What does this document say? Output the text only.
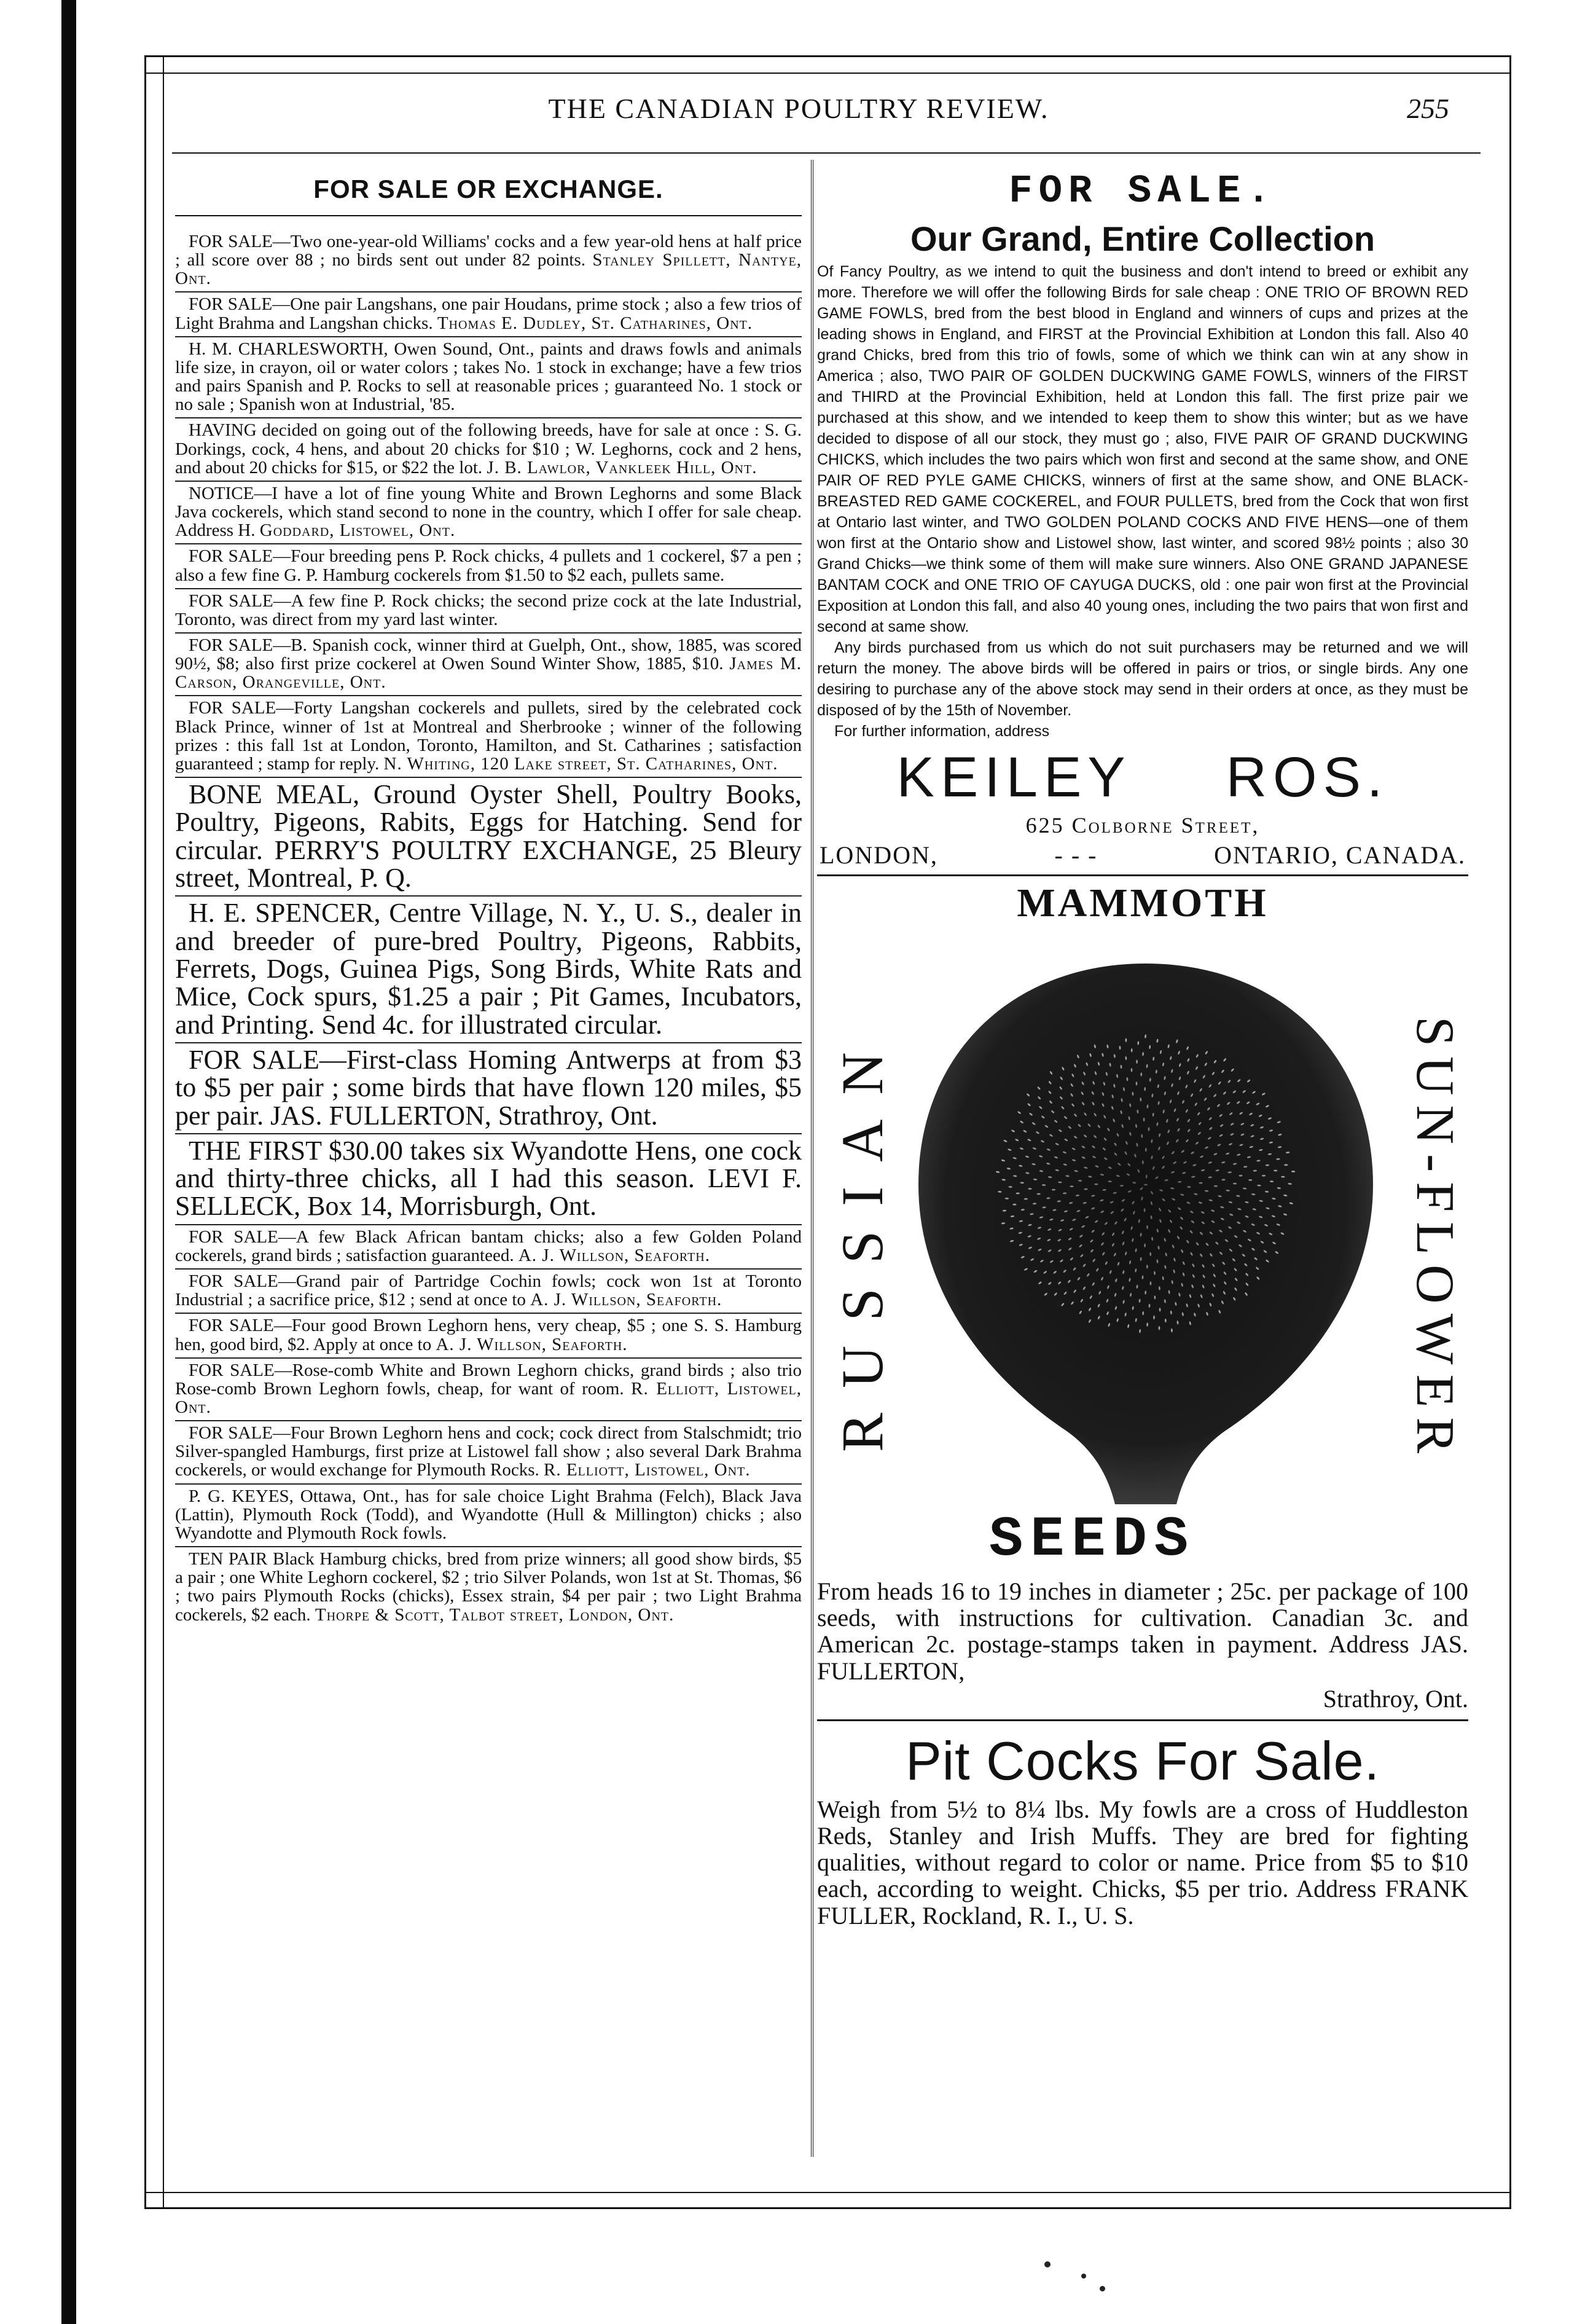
THE CANADIAN POULTRY REVIEW.	255
FOR SALE OR EXCHANGE.

FOR SALE—Two one-year-old Williams' cocks and a few year-old hens at half price ; all score over 88 ; no birds sent out under 82 points. Stanley Spillett, Nantye, Ont.

FOR SALE—One pair Langshans, one pair Houdans, prime stock ; also a few trios of Light Brahma and Langshan chicks. Thomas E. Dudley, St. Catharines, Ont.

H. M. CHARLESWORTH, Owen Sound, Ont., paints and draws fowls and animals life size, in crayon, oil or water colors ; takes No. 1 stock in exchange; have a few trios and pairs Spanish and P. Rocks to sell at reasonable prices ; guaranteed No. 1 stock or no sale ; Spanish won at Industrial, '85.

HAVING decided on going out of the following breeds, have for sale at once : S. G. Dorkings, cock, 4 hens, and about 20 chicks for $10 ; W. Leghorns, cock and 2 hens, and about 20 chicks for $15, or $22 the lot. J. B. Lawlor, Vankleek Hill, Ont.

NOTICE—I have a lot of fine young White and Brown Leghorns and some Black Java cockerels, which stand second to none in the country, which I offer for sale cheap. Address H. Goddard, Listowel, Ont.

FOR SALE—Four breeding pens P. Rock chicks, 4 pullets and 1 cockerel, $7 a pen ; also a few fine G. P. Hamburg cockerels from $1.50 to $2 each, pullets same.

FOR SALE—A few fine P. Rock chicks; the second prize cock at the late Industrial, Toronto, was direct from my yard last winter.

FOR SALE—B. Spanish cock, winner third at Guelph, Ont., show, 1885, was scored 90½, $8; also first prize cockerel at Owen Sound Winter Show, 1885, $10. James M. Carson, Orangeville, Ont.

FOR SALE—Forty Langshan cockerels and pullets, sired by the celebrated cock Black Prince, winner of 1st at Montreal and Sherbrooke ; winner of the following prizes : this fall 1st at London, Toronto, Hamilton, and St. Catharines ; satisfaction guaranteed ; stamp for reply. N. Whiting, 120 Lake street, St. Catharines, Ont.

BONE MEAL, Ground Oyster Shell, Poultry Books, Poultry, Pigeons, Rabits, Eggs for Hatching. Send for circular. PERRY'S POULTRY EXCHANGE, 25 Bleury street, Montreal, P. Q.

H. E. SPENCER, Centre Village, N. Y., U. S., dealer in and breeder of pure-bred Poultry, Pigeons, Rabbits, Ferrets, Dogs, Guinea Pigs, Song Birds, White Rats and Mice, Cock spurs, $1.25 a pair ; Pit Games, Incubators, and Printing. Send 4c. for illustrated circular.

FOR SALE—First-class Homing Antwerps at from $3 to $5 per pair ; some birds that have flown 120 miles, $5 per pair. JAS. FULLERTON, Strathroy, Ont.

THE FIRST $30.00 takes six Wyandotte Hens, one cock and thirty-three chicks, all I had this season. LEVI F. SELLECK, Box 14, Morrisburgh, Ont.

FOR SALE—A few Black African bantam chicks; also a few Golden Poland cockerels, grand birds ; satisfaction guaranteed. A. J. Willson, Seaforth.

FOR SALE—Grand pair of Partridge Cochin fowls; cock won 1st at Toronto Industrial ; a sacrifice price, $12 ; send at once to A. J. Willson, Seaforth.

FOR SALE—Four good Brown Leghorn hens, very cheap, $5 ; one S. S. Hamburg hen, good bird, $2. Apply at once to A. J. Willson, Seaforth.

FOR SALE—Rose-comb White and Brown Leghorn chicks, grand birds ; also trio Rose-comb Brown Leghorn fowls, cheap, for want of room. R. Elliott, Listowel, Ont.

FOR SALE—Four Brown Leghorn hens and cock; cock direct from Stalschmidt; trio Silver-spangled Hamburgs, first prize at Listowel fall show ; also several Dark Brahma cockerels, or would exchange for Plymouth Rocks. R. Elliott, Listowel, Ont.

P. G. KEYES, Ottawa, Ont., has for sale choice Light Brahma (Felch), Black Java (Lattin), Plymouth Rock (Todd), and Wyandotte (Hull & Millington) chicks ; also Wyandotte and Plymouth Rock fowls.

TEN PAIR Black Hamburg chicks, bred from prize winners; all good show birds, $5 a pair ; one White Leghorn cockerel, $2 ; trio Silver Polands, won 1st at St. Thomas, $6 ; two pairs Plymouth Rocks (chicks), Essex strain, $4 per pair ; two Light Brahma cockerels, $2 each. Thorpe & Scott, Talbot street, London, Ont.

FOR SALE.
Our Grand, Entire Collection

Of Fancy Poultry, as we intend to quit the business and don't intend to breed or exhibit any more. Therefore we will offer the following Birds for sale cheap : ONE TRIO OF BROWN RED GAME FOWLS, bred from the best blood in England and winners of cups and prizes at the leading shows in England, and FIRST at the Provincial Exhibition at London this fall. Also 40 grand Chicks, bred from this trio of fowls, some of which we think can win at any show in America ; also, TWO PAIR OF GOLDEN DUCKWING GAME FOWLS, winners of the FIRST and THIRD at the Provincial Exhibition, held at London this fall. The first prize pair we purchased at this show, and we intended to keep them to show this winter; but as we have decided to dispose of all our stock, they must go ; also, FIVE PAIR OF GRAND DUCKWING CHICKS, which includes the two pairs which won first and second at the same show, and ONE PAIR OF RED PYLE GAME CHICKS, winners of first at the same show, and ONE BLACK-BREASTED RED GAME COCKEREL, and FOUR PULLETS, bred from the Cock that won first at Ontario last winter, and TWO GOLDEN POLAND COCKS AND FIVE HENS—one of them won first at the Ontario show and Listowel show, last winter, and scored 98½ points ; also 30 Grand Chicks—we think some of them will make sure winners. Also ONE GRAND JAPANESE BANTAM COCK and ONE TRIO OF CAYUGA DUCKS, old : one pair won first at the Provincial Exposition at London this fall, and also 40 young ones, including the two pairs that won first and second at same show.

Any birds purchased from us which do not suit purchasers may be returned and we will return the money. The above birds will be offered in pairs or trios, or single birds. Any one desiring to purchase any of the above stock may send in their orders at once, as they must be disposed of by the 15th of November.

For further information, address

KEILEY ROS.
625 Colborne Street,
LONDON,	- - -	ONTARIO, CANADA.
MAMMOTH
RUSSIAN	SUN-FLOWER
SEEDS

From heads 16 to 19 inches in diameter ; 25c. per package of 100 seeds, with instructions for cultivation. Canadian 3c. and American 2c. postage-stamps taken in payment. Address JAS. FULLERTON,

Strathroy, Ont.

Pit Cocks For Sale.

Weigh from 5½ to 8¼ lbs. My fowls are a cross of Huddleston Reds, Stanley and Irish Muffs. They are bred for fighting qualities, without regard to color or name. Price from $5 to $10 each, according to weight. Chicks, $5 per trio. Address FRANK FULLER, Rockland, R. I., U. S.
